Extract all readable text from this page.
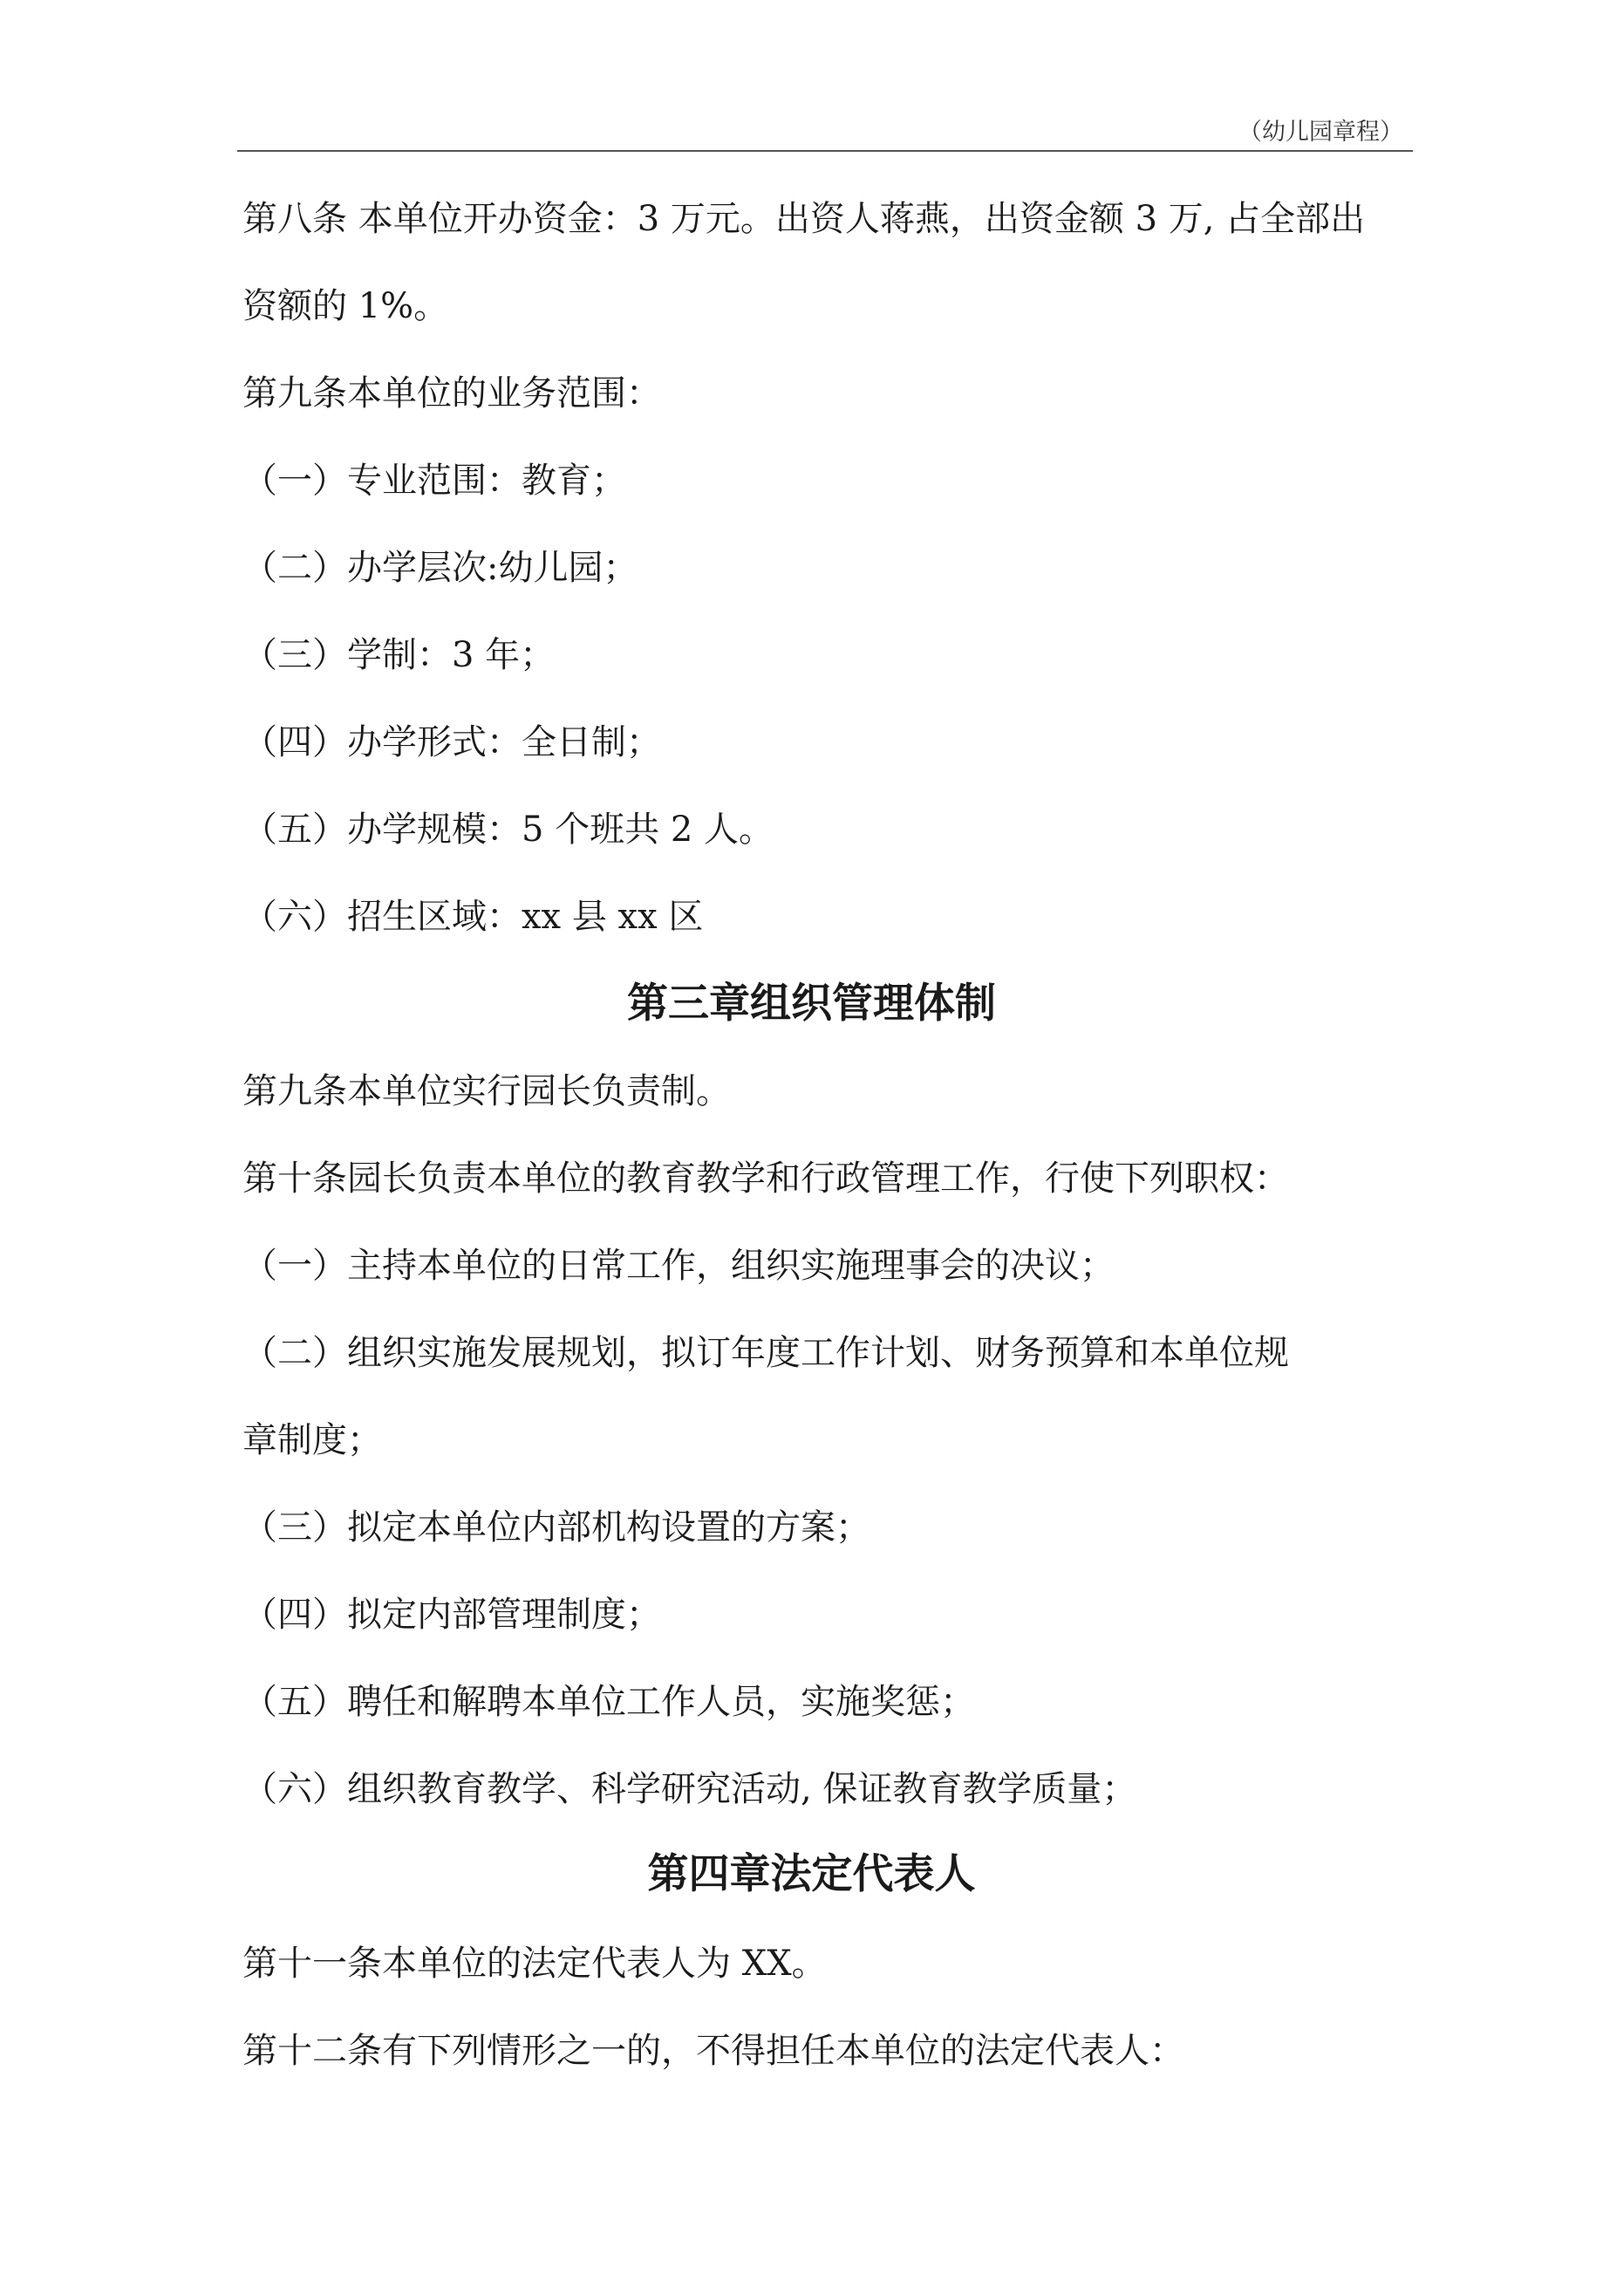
（幼儿园章程）

第八条 本单位开办资金：3 万元。出资人蒋燕，出资金额 3 万, 占全部出

资额的 1%。

第九条本单位的业务范围：

（一）专业范围：教育；

（二）办学层次:幼儿园；

（三）学制：3 年；

（四）办学形式：全日制；

（五）办学规模：5 个班共 2 人。

（六）招生区域：xx 县 xx 区

第三章组织管理体制

第九条本单位实行园长负责制。

第十条园长负责本单位的教育教学和行政管理工作，行使下列职权：

（一）主持本单位的日常工作，组织实施理事会的决议；

（二）组织实施发展规划，拟订年度工作计划、财务预算和本单位规

章制度；

（三）拟定本单位内部机构设置的方案；

（四）拟定内部管理制度；

（五）聘任和解聘本单位工作人员，实施奖惩；

（六）组织教育教学、科学研究活动, 保证教育教学质量；

第四章法定代表人

第十一条本单位的法定代表人为 XX。

第十二条有下列情形之一的，不得担任本单位的法定代表人：
